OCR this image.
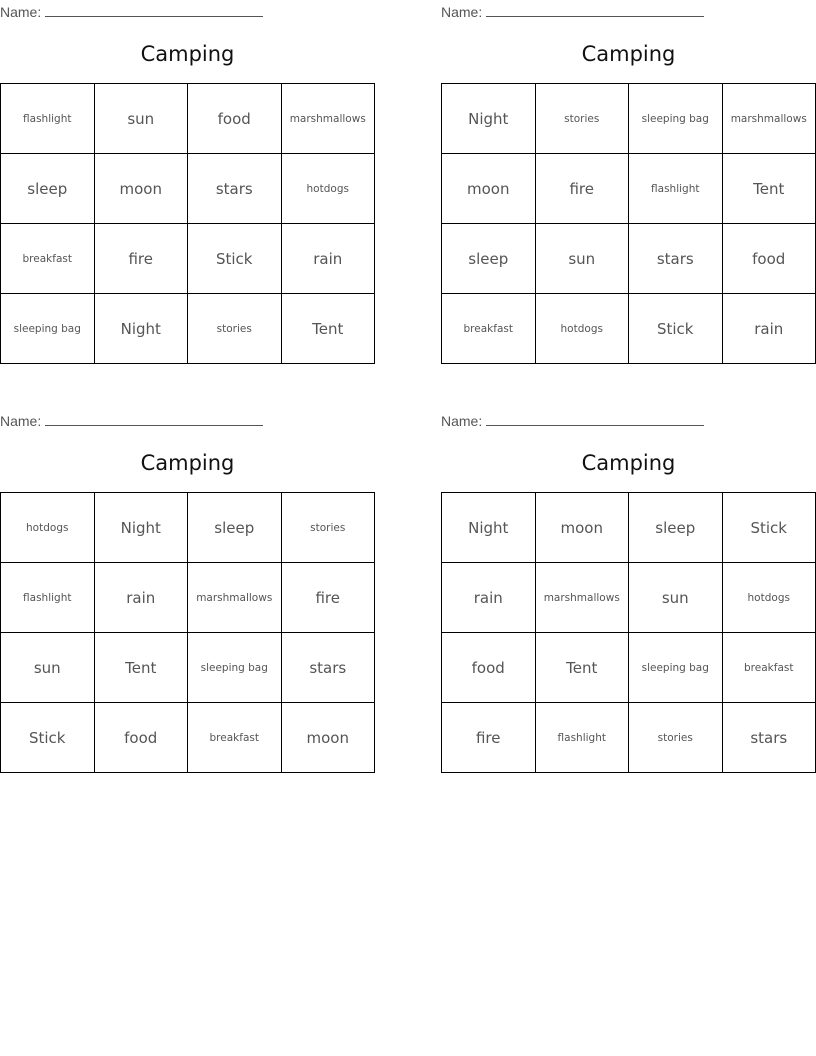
Name:
Camping
flashlight	sun	food	marshmallows
sleep	moon	stars	hotdogs
breakfast	fire	Stick	rain
sleeping bag	Night	stories	Tent
Name:
Camping
Night	stories	sleeping bag	marshmallows
moon	fire	flashlight	Tent
sleep	sun	stars	food
breakfast	hotdogs	Stick	rain
Name:
Camping
hotdogs	Night	sleep	stories
flashlight	rain	marshmallows	fire
sun	Tent	sleeping bag	stars
Stick	food	breakfast	moon
Name:
Camping
Night	moon	sleep	Stick
rain	marshmallows	sun	hotdogs
food	Tent	sleeping bag	breakfast
fire	flashlight	stories	stars
